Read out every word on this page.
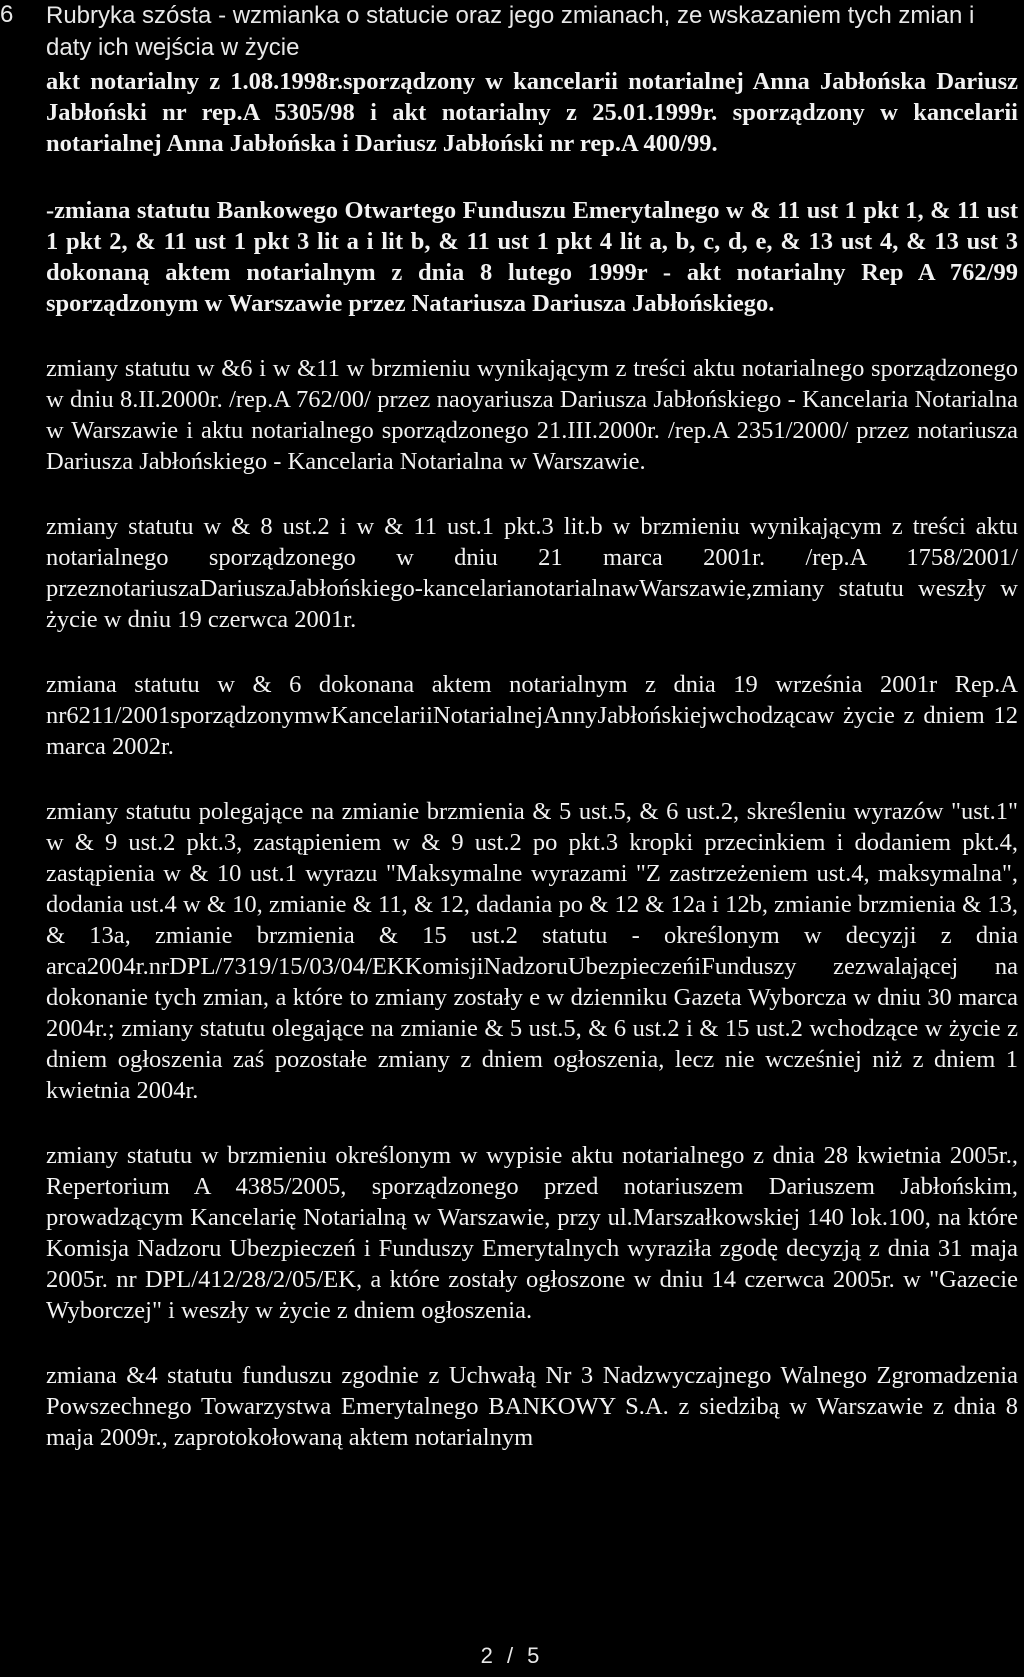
6 Rubryka szósta - wzmianka o statucie oraz jego zmianach, ze wskazaniem tych zmian i daty ich wejścia w życie

akt notarialny z 1.08.1998r.sporządzony w kancelarii notarialnej Anna Jabłońska Dariusz Jabłoński nr rep.A 5305/98 i akt notarialny z 25.01.1999r. sporządzony w kancelarii notarialnej Anna Jabłońska i Dariusz Jabłoński nr rep.A 400/99.

-zmiana statutu Bankowego Otwartego Funduszu Emerytalnego w & 11 ust 1 pkt 1, & 11 ust 1 pkt 2, & 11 ust 1 pkt 3 lit a i lit b, & 11 ust 1 pkt 4 lit a, b, c, d, e, & 13 ust 4, & 13 ust 3 dokonaną aktem notarialnym z dnia 8 lutego 1999r - akt notarialny Rep A 762/99 sporządzonym w Warszawie przez Natariusza Dariusza Jabłońskiego.

zmiany statutu w &6 i w &11 w brzmieniu wynikającym z treści aktu notarialnego sporządzonego w dniu 8.II.2000r. /rep.A 762/00/ przez naoyariusza Dariusza Jabłońskiego - Kancelaria Notarialna w Warszawie i aktu notarialnego sporządzonego 21.III.2000r. /rep.A 2351/2000/ przez notariusza Dariusza Jabłońskiego - Kancelaria Notarialna w Warszawie.

zmiany statutu w & 8 ust.2 i w & 11 ust.1 pkt.3 lit.b w brzmieniu wynikającym z treści aktu notarialnego sporządzonego w dniu 21 marca 2001r. /rep.A 1758/2001/ przeznotariuszaDariuszaJabłońskiego-kancelarianotarialnawWarszawie,zmiany statutu weszły w życie w dniu 19 czerwca 2001r.

zmiana statutu w & 6 dokonana aktem notarialnym z dnia 19 września 2001r Rep.A nr6211/2001sporządzonymwKancelariiNotarialnejAnnyJabłońskiejwchodzącaw życie z dniem 12 marca 2002r.

zmiany statutu polegające na zmianie brzmienia & 5 ust.5, & 6 ust.2, skreśleniu wyrazów "ust.1" w & 9 ust.2 pkt.3, zastąpieniem w & 9 ust.2 po pkt.3 kropki przecinkiem i dodaniem pkt.4, zastąpienia w & 10 ust.1 wyrazu "Maksymalne wyrazami "Z zastrzeżeniem ust.4, maksymalna", dodania ust.4 w & 10, zmianie & 11, & 12, dadania po & 12 & 12a i 12b, zmianie brzmienia & 13, & 13a, zmianie brzmienia & 15 ust.2 statutu - określonym w decyzji z dnia arca2004r.nrDPL/7319/15/03/04/EKKomisjiNadzoruUbezpieczeńiFunduszy zezwalającej na dokonanie tych zmian, a które to zmiany zostały e w dzienniku Gazeta Wyborcza w dniu 30 marca 2004r.; zmiany statutu olegające na zmianie & 5 ust.5, & 6 ust.2 i & 15 ust.2 wchodzące w życie z dniem ogłoszenia zaś pozostałe zmiany z dniem ogłoszenia, lecz nie wcześniej niż z dniem 1 kwietnia 2004r.

zmiany statutu w brzmieniu określonym w wypisie aktu notarialnego z dnia 28 kwietnia 2005r., Repertorium A 4385/2005, sporządzonego przed notariuszem Dariuszem Jabłońskim, prowadzącym Kancelarię Notarialną w Warszawie, przy ul.Marszałkowskiej 140 lok.100, na które Komisja Nadzoru Ubezpieczeń i Funduszy Emerytalnych wyraziła zgodę decyzją z dnia 31 maja 2005r. nr DPL/412/28/2/05/EK, a które zostały ogłoszone w dniu 14 czerwca 2005r. w "Gazecie Wyborczej" i weszły w życie z dniem ogłoszenia.

zmiana &4 statutu funduszu zgodnie z Uchwałą Nr 3 Nadzwyczajnego Walnego Zgromadzenia Powszechnego Towarzystwa Emerytalnego BANKOWY S.A. z siedzibą w Warszawie z dnia 8 maja 2009r., zaprotokołowaną aktem notarialnym

2 / 5
